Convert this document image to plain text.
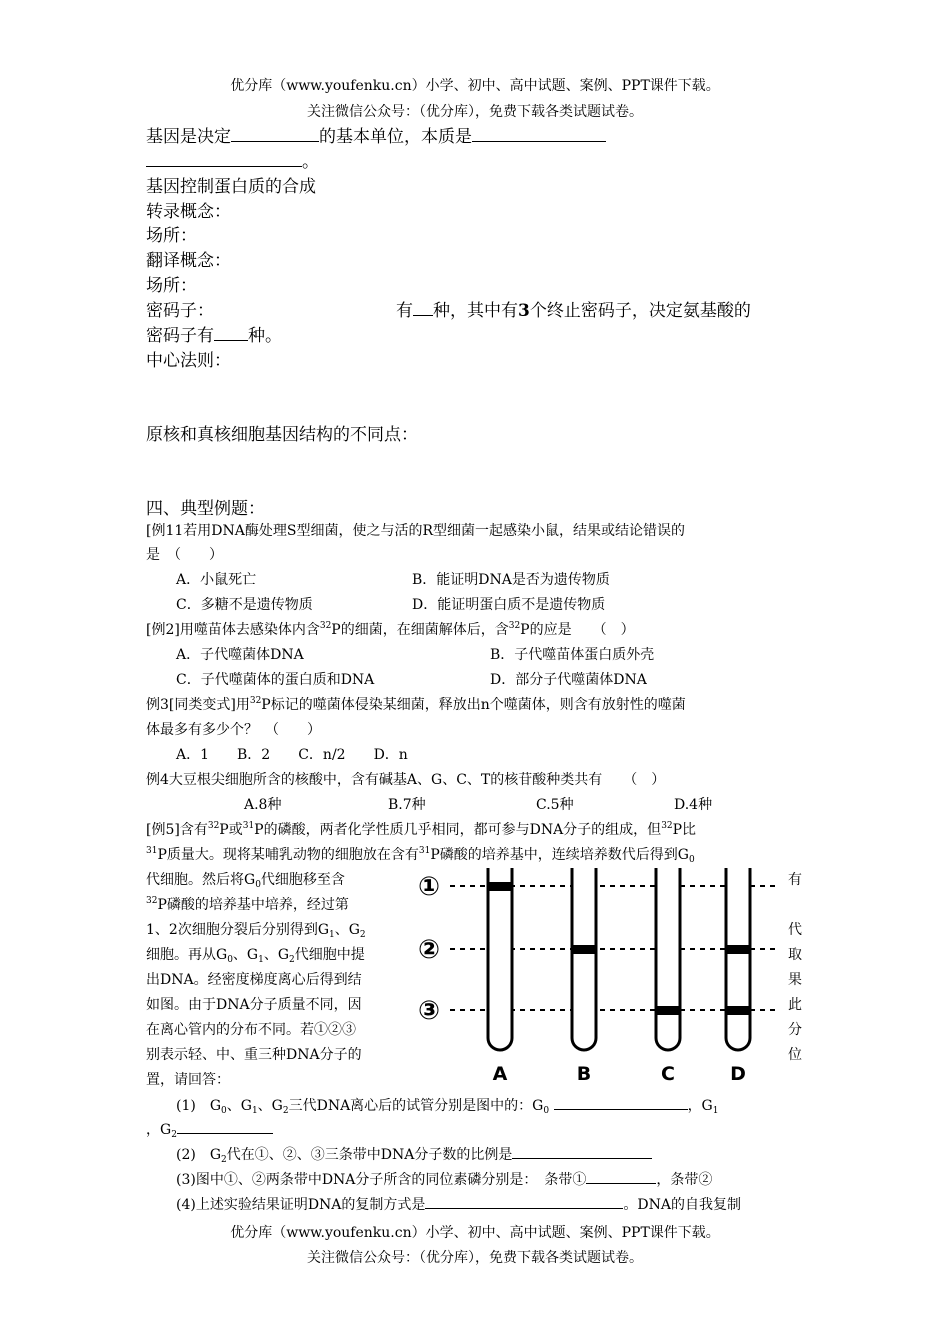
优分库（www.youfenku.cn）小学、初中、高中试题、案例、PPT课件下载。
关注微信公众号：（优分库），免费下载各类试题试卷。
基因是决定	的基本单位，本质是
。
基因控制蛋白质的合成
转录概念：
场所：
翻译概念：
场所：
密码子：	有 种，其中有3个终止密码子，决定氨基酸的
密码子有 种。
中心法则：
原核和真核细胞基因结构的不同点：
四、典型例题：
[例11若用DNA酶处理S型细菌，使之与活的R型细菌一起感染小鼠，结果或结论错误的
是　（　　）
A．小鼠死亡	B．能证明DNA是否为遗传物质
C．多糖不是遗传物质	D．能证明蛋白质不是遗传物质
[例2]用噬苗体去感染体内含$^{32}$P的细菌，在细菌解体后，含$^{32}$P的应是　　（　）
A．子代噬菌体DNA	B．子代噬苗体蛋白质外壳
C．子代噬菌体的蛋白质和DNA	D．部分子代噬菌体DNA
例3[同类变式]用$^{32}$P标记的噬菌体侵染某细菌，释放出n个噬菌体，则含有放射性的噬菌
体最多有多少个？　（　　）
A．1　　B．2　　C．n/2　　D．n
例4大豆根尖细胞所含的核酸中，含有碱基A、G、C、T的核苷酸种类共有　　（　）
A.8种	B.7种	C.5种	D.4种
[例5]含有$^{32}$P或$^{31}$P的磷酸，两者化学性质几乎相同，都可参与DNA分子的组成，但$^{32}$P比
$^{31}$P质量大。现将某哺乳动物的细胞放在含有$^{31}$P磷酸的培养基中，连续培养数代后得到$G_0$
代细胞。然后将$G_0$代细胞移至含
$^{32}$P磷酸的培养基中培养，经过第
1、2次细胞分裂后分别得到$G_1$、$G_2$
细胞。再从$G_0$、$G_1$、$G_2$代细胞中提
出DNA。经密度梯度离心后得到结
如图。由于DNA分子质量不同，因
在离心管内的分布不同。若①②③
别表示轻、中、重三种DNA分子的
置，请回答：
有
代
取
果
此
分
位
①
②
③
A	B	C	D
(1)　$G_0$、$G_1$、$G_2$三代DNA离心后的试管分别是图中的：$G_0$	，$G_1$
，$G_2$
(2)　$G_2$代在①、②、③三条带中DNA分子数的比例是
(3)图中①、②两条带中DNA分子所含的同位素磷分别是：　条带①	，条带②
(4)上述实验结果证明DNA的复制方式是	。DNA的自我复制
优分库（www.youfenku.cn）小学、初中、高中试题、案例、PPT课件下载。
关注微信公众号：（优分库），免费下载各类试题试卷。
